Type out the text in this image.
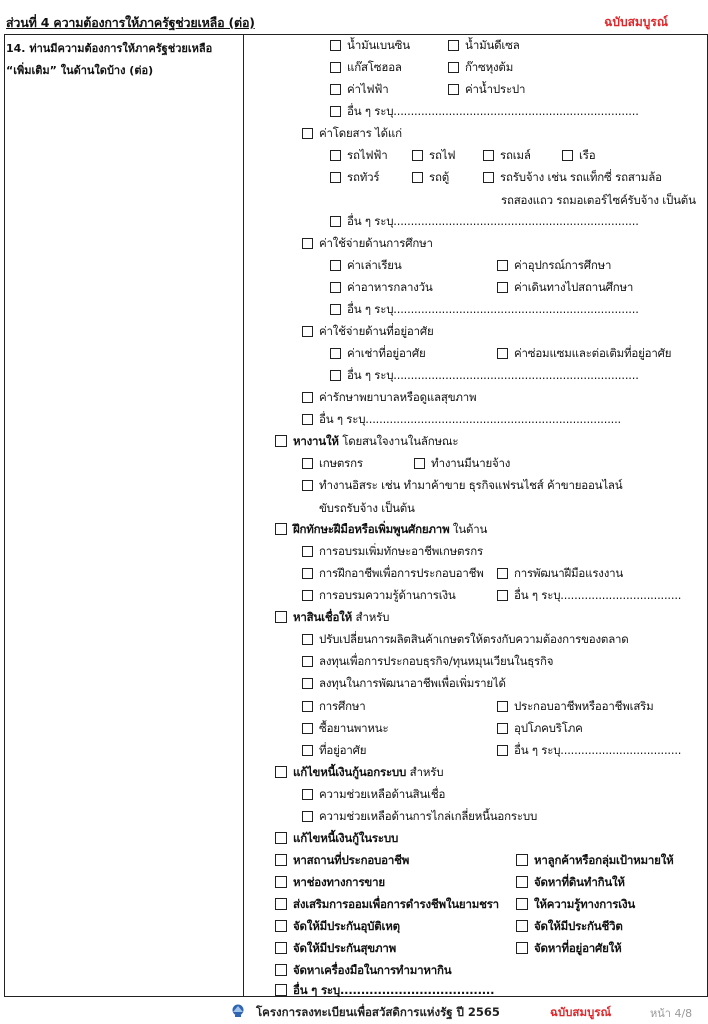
ส่วนที่ 4 ความต้องการให้ภาครัฐช่วยเหลือ (ต่อ)	ฉบับสมบูรณ์
14. ท่านมีความต้องการให้ภาครัฐช่วยเหลือ
“เพิ่มเติม” ในด้านใดบ้าง (ต่อ)
น้ำมันเบนซิน	น้ำมันดีเซล
แก๊สโซฮอล	ก๊าซหุงต้ม
ค่าไฟฟ้า	ค่าน้ำประปา
อื่น ๆ ระบุ.......................................................................
ค่าโดยสาร ได้แก่
รถไฟฟ้า	รถไฟ	รถเมล์	เรือ
รถทัวร์	รถตู้	รถรับจ้าง เช่น รถแท็กซี่ รถสามล้อ
รถสองแถว รถมอเตอร์ไซค์รับจ้าง เป็นต้น
อื่น ๆ ระบุ.......................................................................
ค่าใช้จ่ายด้านการศึกษา
ค่าเล่าเรียน	ค่าอุปกรณ์การศึกษา
ค่าอาหารกลางวัน	ค่าเดินทางไปสถานศึกษา
อื่น ๆ ระบุ.......................................................................
ค่าใช้จ่ายด้านที่อยู่อาศัย
ค่าเช่าที่อยู่อาศัย	ค่าซ่อมแซมและต่อเติมที่อยู่อาศัย
อื่น ๆ ระบุ.......................................................................
ค่ารักษาพยาบาลหรือดูแลสุขภาพ
อื่น ๆ ระบุ..........................................................................
หางานให้
โดยสนใจงานในลักษณะ
เกษตรกร	ทำงานมีนายจ้าง
ทำงานอิสระ เช่น ทำมาค้าขาย ธุรกิจแฟรนไชส์ ค้าขายออนไลน์
ขับรถรับจ้าง เป็นต้น
ฝึกทักษะฝีมือหรือเพิ่มพูนศักยภาพ
ในด้าน
การอบรมเพิ่มทักษะอาชีพเกษตรกร
การฝึกอาชีพเพื่อการประกอบอาชีพ	การพัฒนาฝีมือแรงงาน
การอบรมความรู้ด้านการเงิน	อื่น ๆ ระบุ...................................
หาสินเชื่อให้
สำหรับ
ปรับเปลี่ยนการผลิตสินค้าเกษตรให้ตรงกับความต้องการของตลาด
ลงทุนเพื่อการประกอบธุรกิจ/ทุนหมุนเวียนในธุรกิจ
ลงทุนในการพัฒนาอาชีพเพื่อเพิ่มรายได้
การศึกษา	ประกอบอาชีพหรืออาชีพเสริม
ซื้อยานพาหนะ	อุปโภคบริโภค
ที่อยู่อาศัย	อื่น ๆ ระบุ...................................
แก้ไขหนี้เงินกู้นอกระบบ
สำหรับ
ความช่วยเหลือด้านสินเชื่อ
ความช่วยเหลือด้านการไกล่เกลี่ยหนี้นอกระบบ
แก้ไขหนี้เงินกู้ในระบบ
หาสถานที่ประกอบอาชีพ	หาลูกค้าหรือกลุ่มเป้าหมายให้
หาช่องทางการขาย	จัดหาที่ดินทำกินให้
ส่งเสริมการออมเพื่อการดำรงชีพในยามชรา	ให้ความรู้ทางการเงิน
จัดให้มีประกันอุบัติเหตุ	จัดให้มีประกันชีวิต
จัดให้มีประกันสุขภาพ	จัดหาที่อยู่อาศัยให้
จัดหาเครื่องมือในการทำมาหากิน
อื่น ๆ ระบุ.....................................
โครงการลงทะเบียนเพื่อสวัสดิการแห่งรัฐ ปี 2565	ฉบับสมบูรณ์	หน้า 4/8
